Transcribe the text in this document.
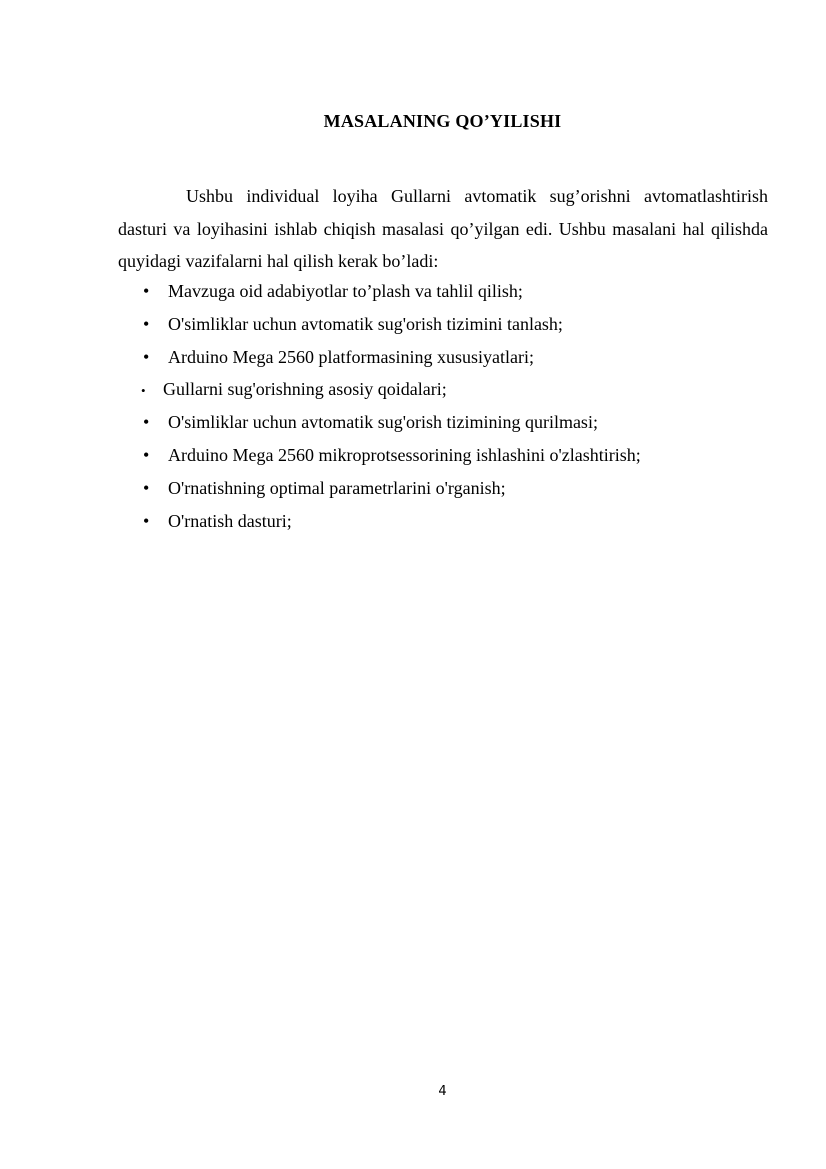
MASALANING QO’YILISHI
Ushbu individual loyiha Gullarni avtomatik sug’orishni avtomatlashtirish dasturi va loyihasini ishlab chiqish masalasi qo’yilgan edi. Ushbu masalani hal qilishda quyidagi vazifalarni hal qilish kerak bo’ladi:
• Mavzuga oid adabiyotlar to’plash va tahlil qilish;
• O'simliklar uchun avtomatik sug'orish tizimini tanlash;
• Arduino Mega 2560 platformasining xususiyatlari;
• Gullarni sug'orishning asosiy qoidalari;
• O'simliklar uchun avtomatik sug'orish tizimining qurilmasi;
• Arduino Mega 2560 mikroprotsessorining ishlashini o'zlashtirish;
• O'rnatishning optimal parametrlarini o'rganish;
• O'rnatish dasturi;
4
